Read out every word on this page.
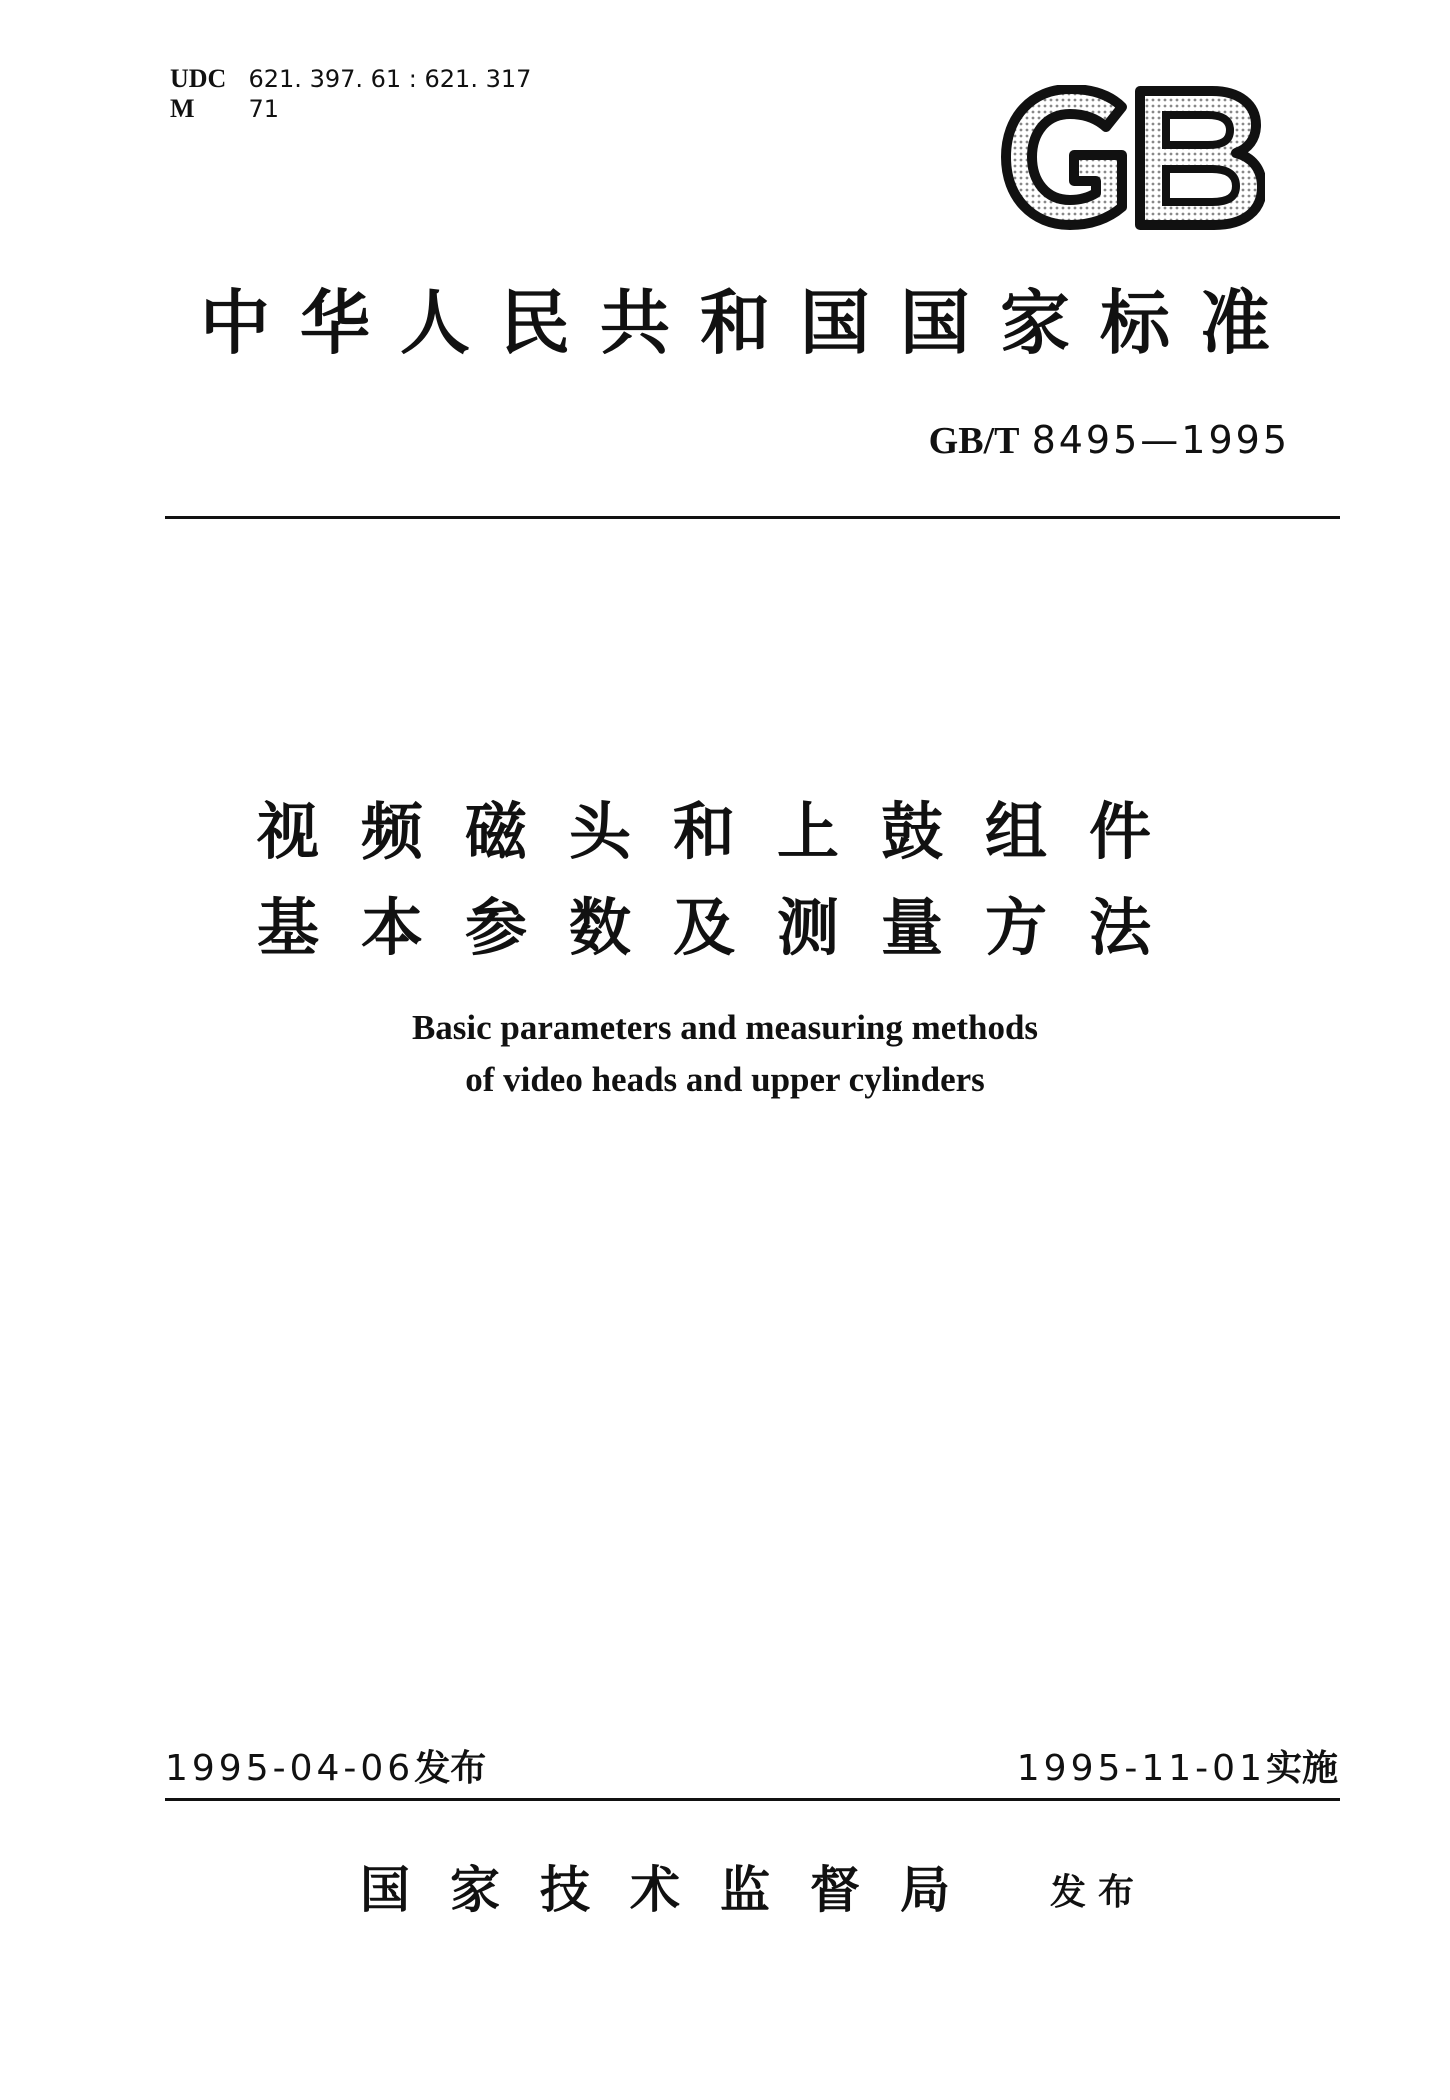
UDC 621. 397. 61 : 621. 317
M 71
中华人民共和国国家标准
GB/T 8495—1995
视频磁头和上鼓组件
基本参数及测量方法
Basic parameters and measuring methods
of video heads and upper cylinders
1995-04-06发布	1995-11-01实施
国家技术监督局 发布
